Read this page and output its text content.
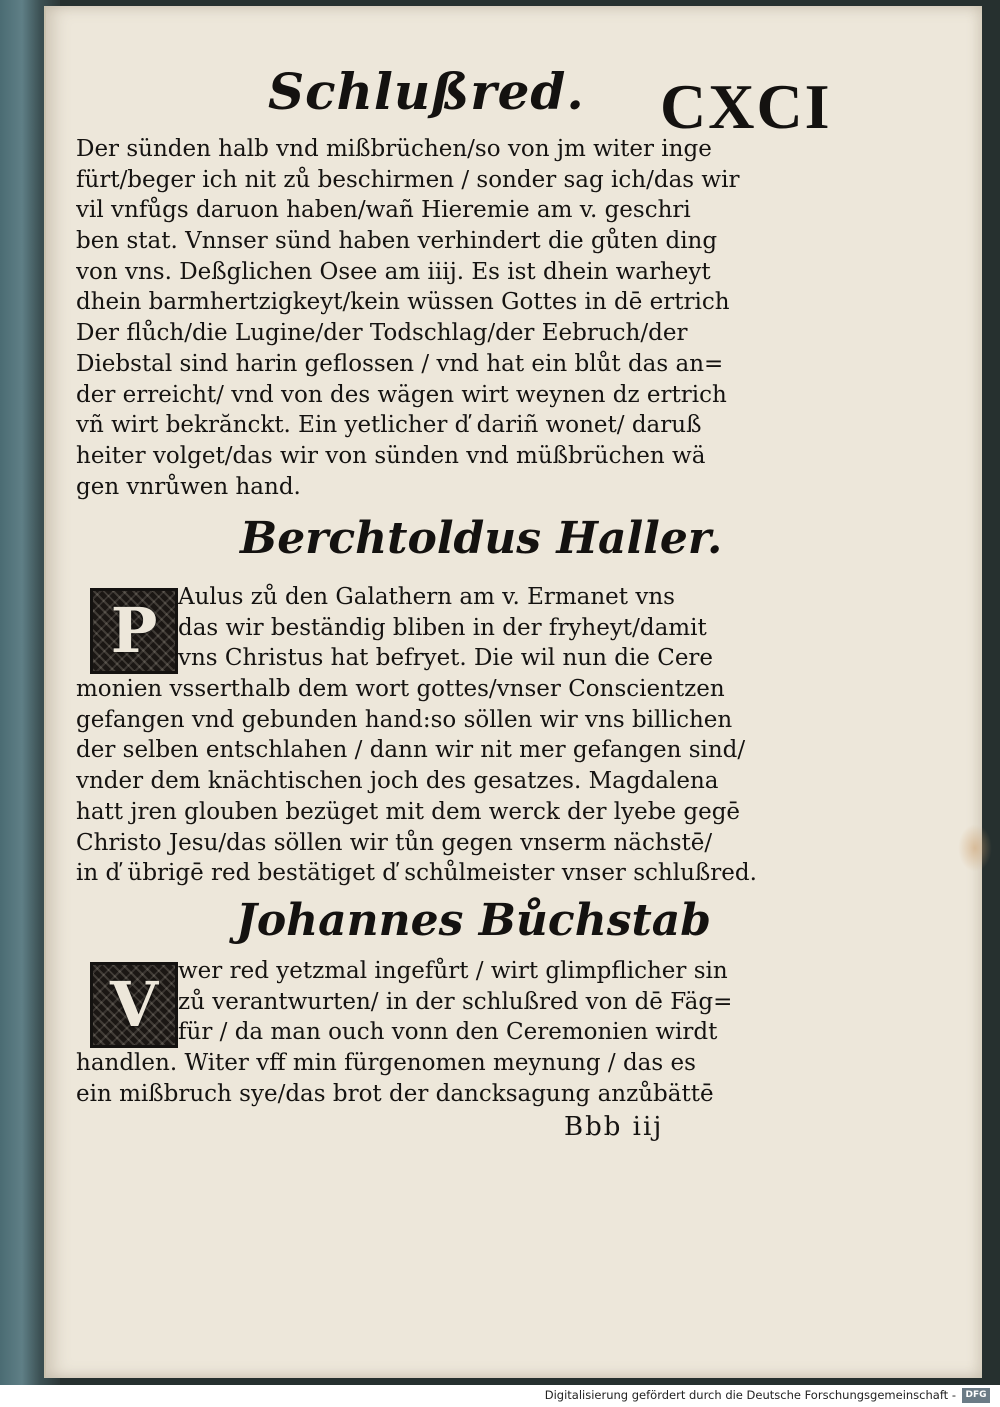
Schlußred. CXCI
Der sünden halb vnd mißbrüchen/so von jm witer inge
fürt/beger ich nit zů beschirmen / sonder sag ich/das wir
vil vnfůgs daruon haben/wañ Hieremie am v. geschri
ben stat. Vnnser sünd haben verhindert die gůten ding
von vns. Deßglichen Osee am iiij. Es ist dhein warheyt
dhein barmhertzigkeyt/kein wüssen Gottes in dē ertrich
Der flůch/die Lugine/der Todschlag/der Eebruch/der
Diebstal sind harin geflossen / vnd hat ein blůt das an=
der erreicht/ vnd von des wägen wirt weynen dz ertrich
vñ wirt bekrănckt. Ein yetlicher ď dariñ wonet/ daruß
heiter volget/das wir von sünden vnd müßbrüchen wä
gen vnrůwen hand.
Berchtoldus Haller.
P Aulus zů den Galathern am v. Ermanet vns
das wir beständig bliben in der fryheyt/damit
vns Christus hat befryet. Die wil nun die Cere
monien vsserthalb dem wort gottes/vnser Conscientzen
gefangen vnd gebunden hand:so söllen wir vns billichen
der selben entschlahen / dann wir nit mer gefangen sind/
vnder dem knächtischen joch des gesatzes. Magdalena
hatt jren glouben bezüget mit dem werck der lyebe gegē
Christo Jesu/das söllen wir tůn gegen vnserm nächstē/
in ď übrigē red bestätiget ď schůlmeister vnser schlußred.
Johannes Bůchstab
V wer red yetzmal ingefůrt / wirt glimpflicher sin
zů verantwurten/ in der schlußred von dē Fäg=
für / da man ouch vonn den Ceremonien wirdt
handlen. Witer vff min fürgenomen meynung / das es
ein mißbruch sye/das brot der dancksagung anzůbättē
Bbb iij
Digitalisierung gefördert durch die Deutsche Forschungsgemeinschaft -	DFG
